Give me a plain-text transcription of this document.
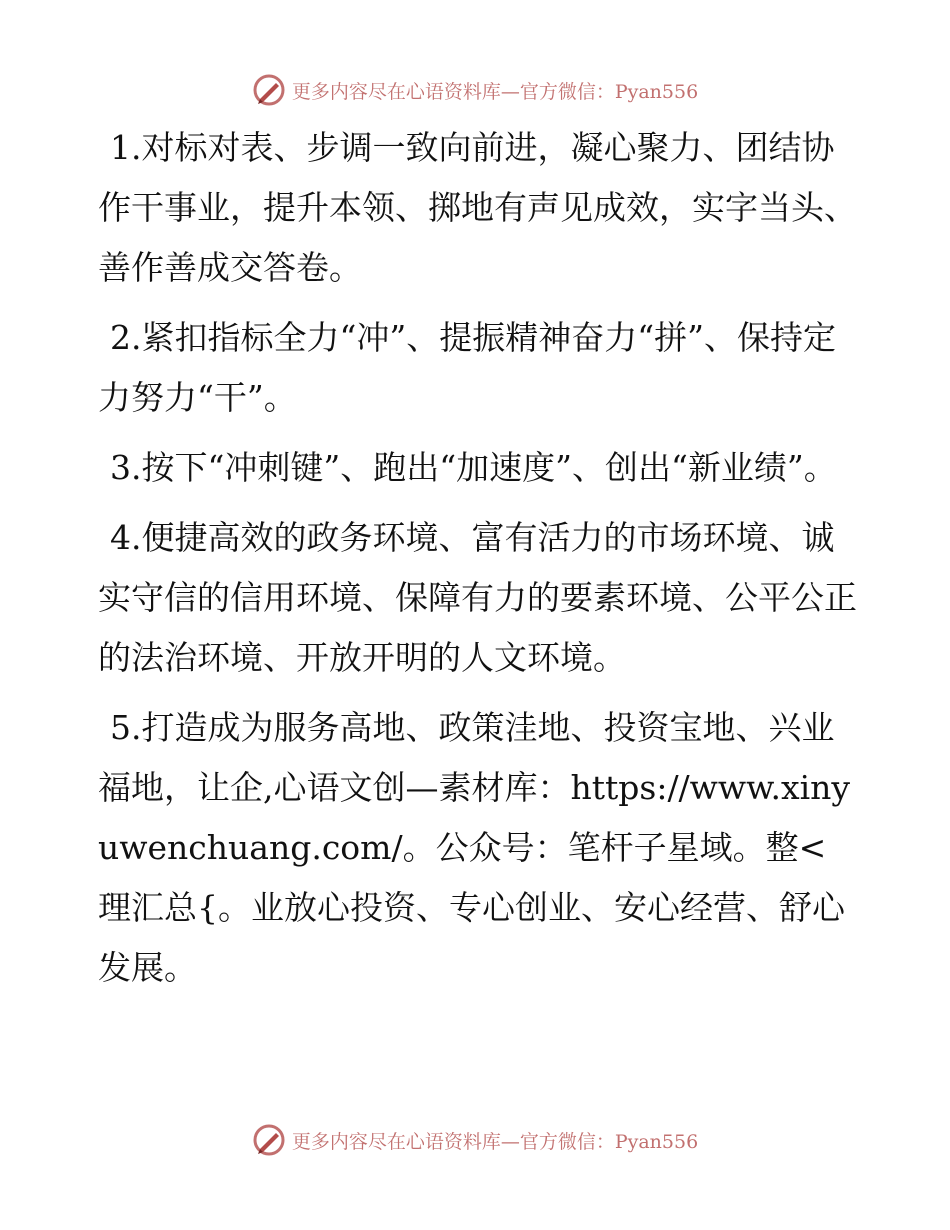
更多内容尽在心语资料库—官方微信：Pyan556

1.对标对表、步调一致向前进，凝心聚力、团结协作干事业，提升本领、掷地有声见成效，实字当头、善作善成交答卷。

2.紧扣指标全力“冲”、提振精神奋力“拼”、保持定力努力“干”。

3.按下“冲刺键”、跑出“加速度”、创出“新业绩”。

4.便捷高效的政务环境、富有活力的市场环境、诚实守信的信用环境、保障有力的要素环境、公平公正的法治环境、开放开明的人文环境。

5.打造成为服务高地、政策洼地、投资宝地、兴业福地，让企,心语文创—素材库：https://www.xinyuwenchuang.com/。公众号：笔杆子星域。整<理汇总{。业放心投资、专心创业、安心经营、舒心发展。

更多内容尽在心语资料库—官方微信：Pyan556
